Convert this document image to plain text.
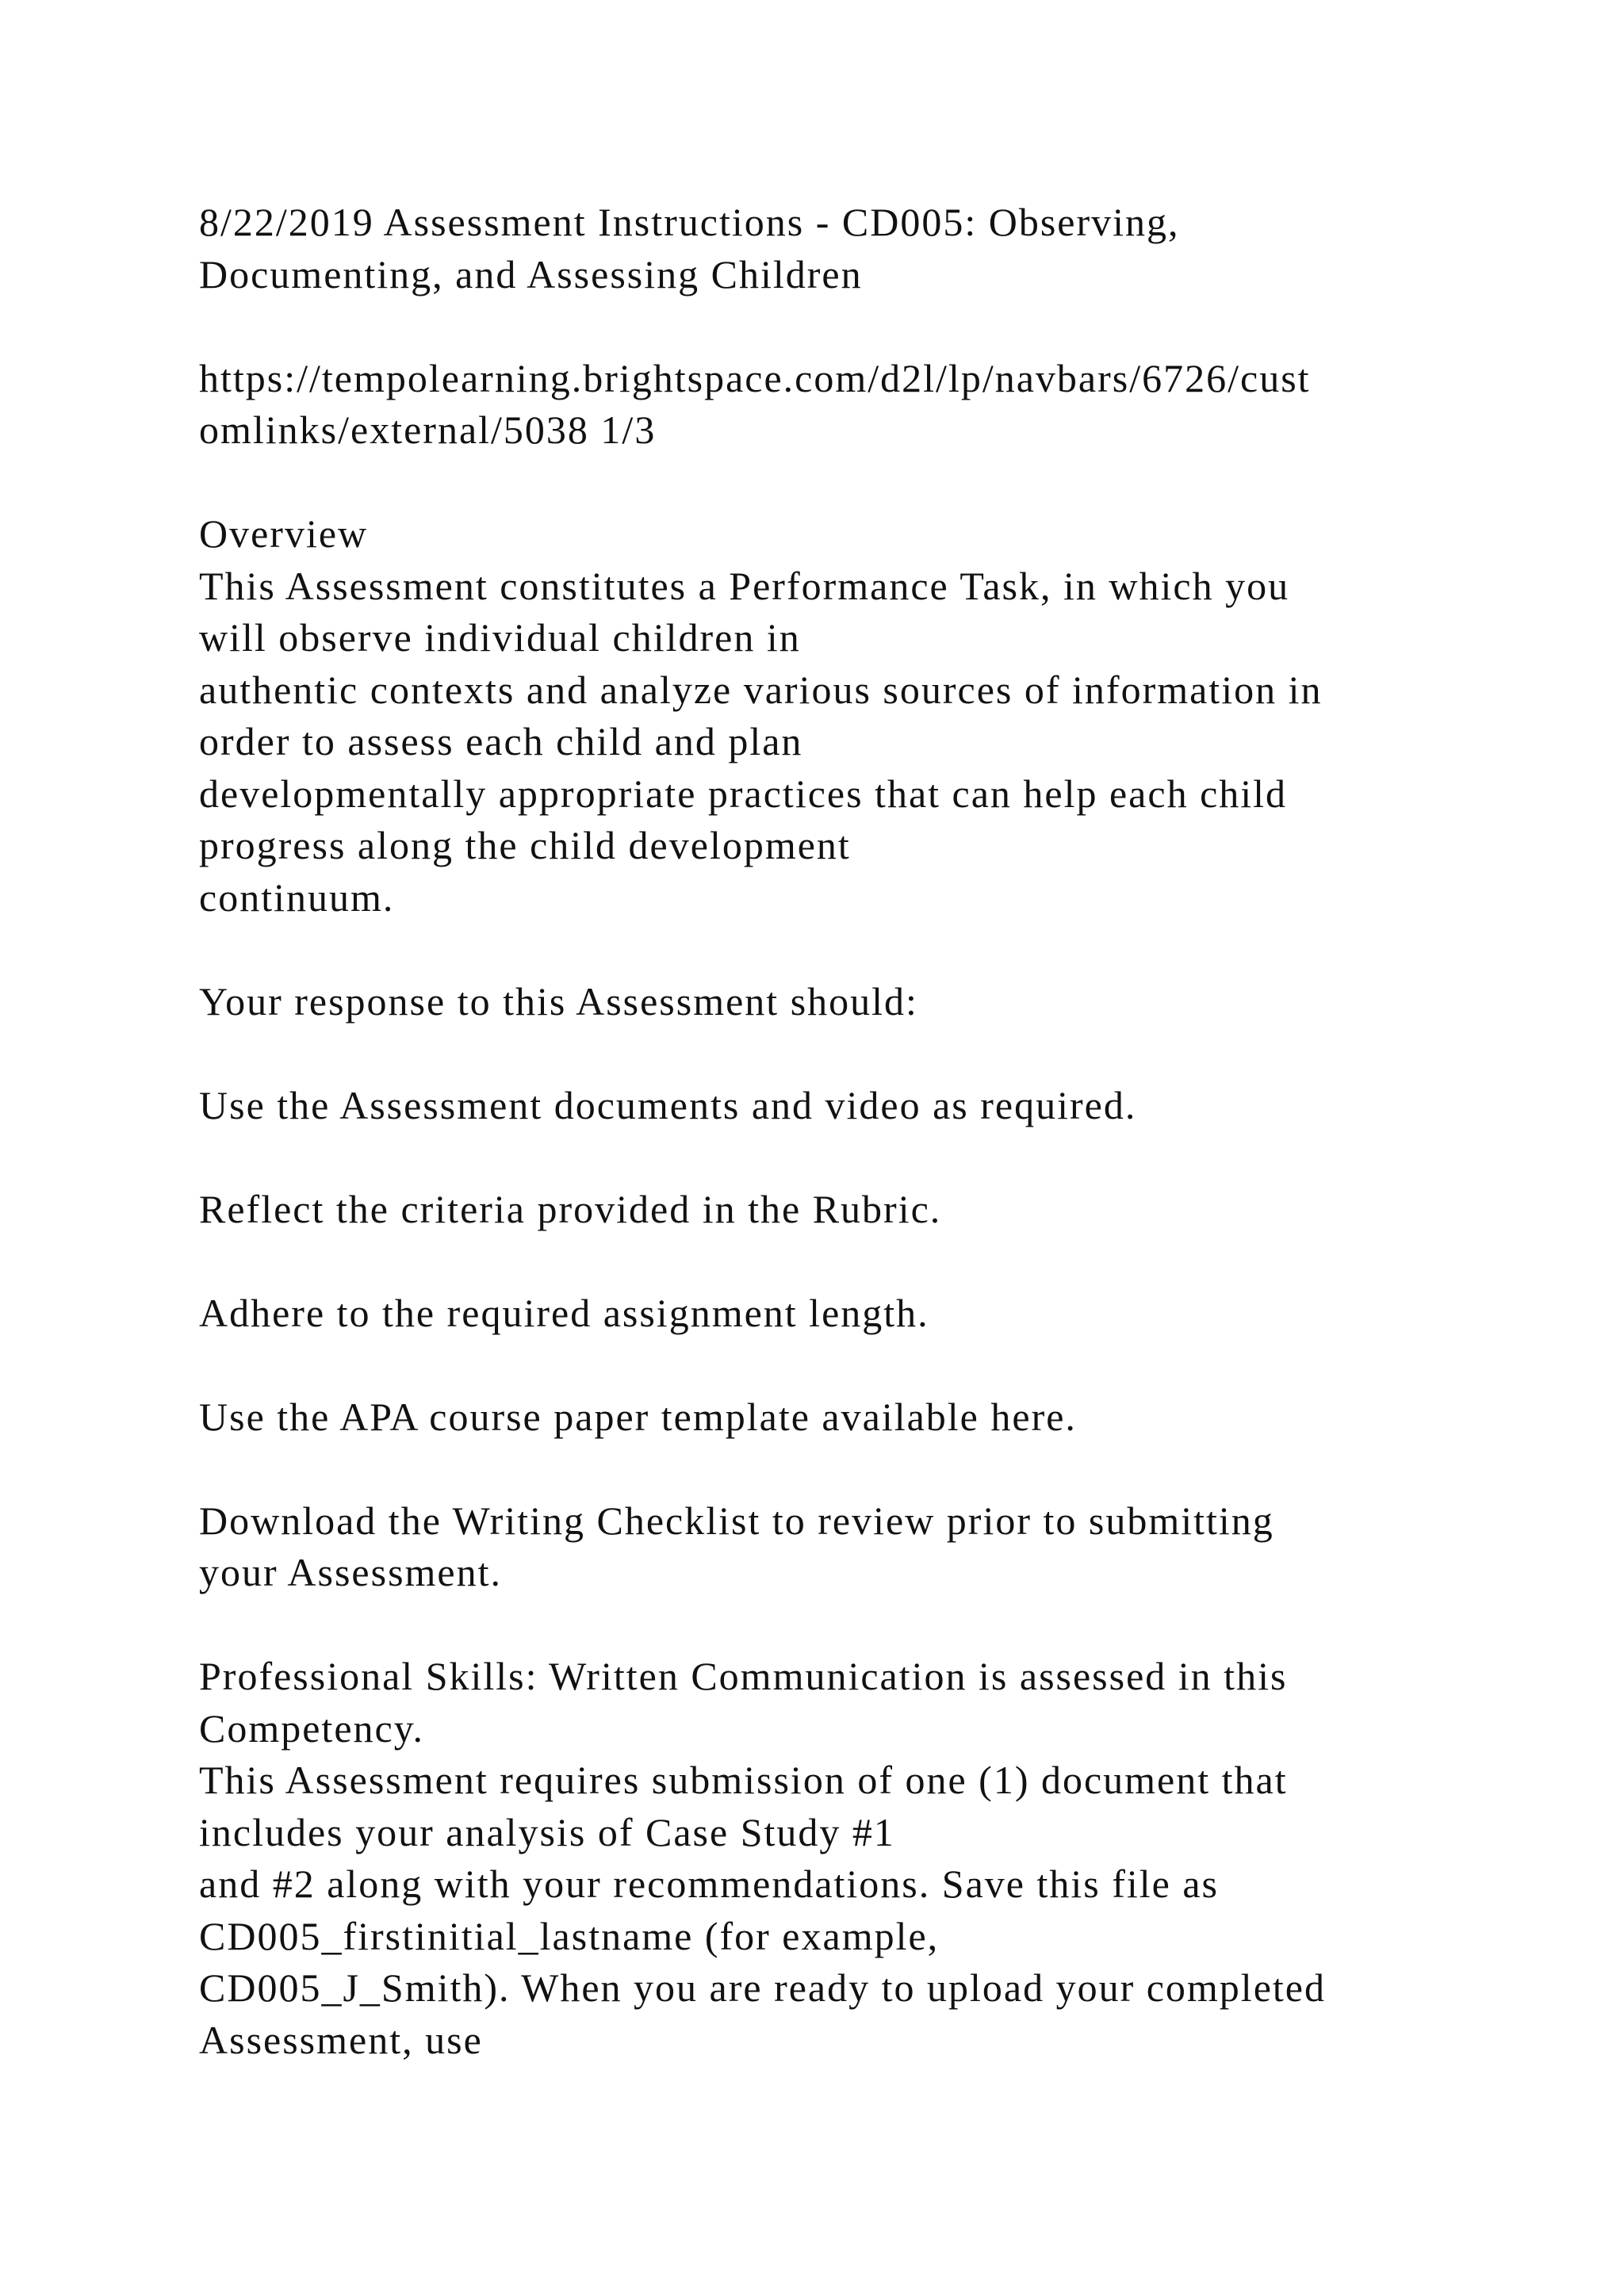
8/22/2019 Assessment Instructions - CD005: Observing,
Documenting, and Assessing Children
https://tempolearning.brightspace.com/d2l/lp/navbars/6726/cust
omlinks/external/5038 1/3
Overview
This Assessment constitutes a Performance Task, in which you
will observe individual children in
authentic contexts and analyze various sources of information in
order to assess each child and plan
developmentally appropriate practices that can help each child
progress along the child development
continuum.
Your response to this Assessment should:
Use the Assessment documents and video as required.
Reflect the criteria provided in the Rubric.
Adhere to the required assignment length.
Use the APA course paper template available here.
Download the Writing Checklist to review prior to submitting
your Assessment.
Professional Skills: Written Communication is assessed in this
Competency.
This Assessment requires submission of one (1) document that
includes your analysis of Case Study #1
and #2 along with your recommendations. Save this file as
CD005_firstinitial_lastname (for example,
CD005_J_Smith). When you are ready to upload your completed
Assessment, use
